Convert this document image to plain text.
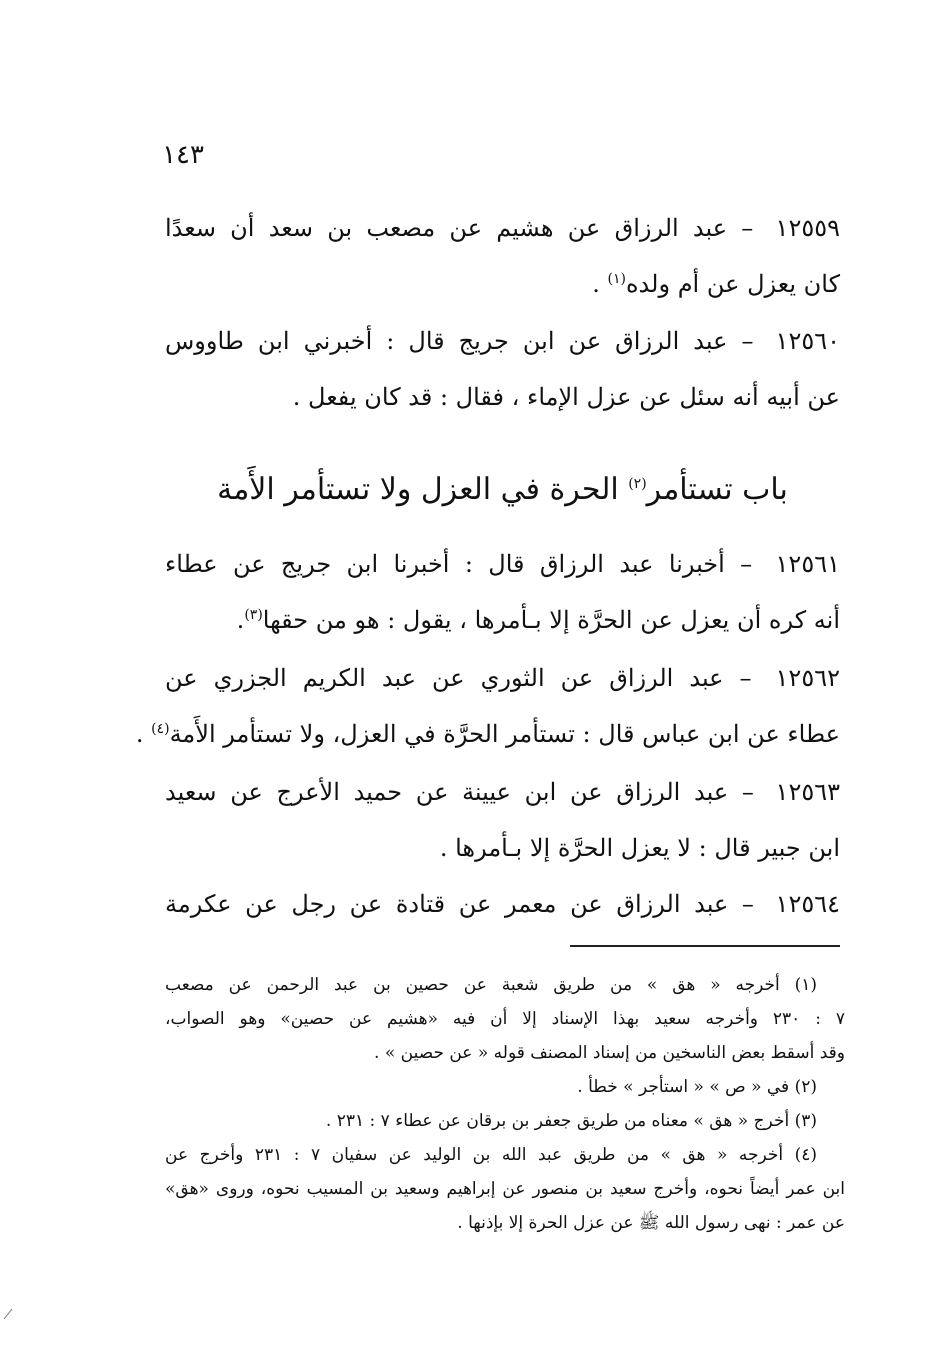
١٤٣
١٢٥٥٩ – عبد الرزاق عن هشيم عن مصعب بن سعد أن سعدًا
كان يعزل عن أم ولده$^{(١)}$ .
١٢٥٦٠ – عبد الرزاق عن ابن جريج قال : أخبرني ابن طاووس
عن أبيه أنه سئل عن عزل الإماء ، فقال : قد كان يفعل .
باب تستأمر$^{(٢)}$ الحرة في العزل ولا تستأمر الأَمة
١٢٥٦١ – أخبرنا عبد الرزاق قال : أخبرنا ابن جريج عن عطاء
أنه كره أن يعزل عن الحرَّة إلا بـأمرها ، يقول : هو من حقها$^{(٣)}$.
١٢٥٦٢ – عبد الرزاق عن الثوري عن عبد الكريم الجزري عن
عطاء عن ابن عباس قال : تستأمر الحرَّة في العزل، ولا تستأمر الأَمة$^{(٤)}$ .
١٢٥٦٣ – عبد الرزاق عن ابن عيينة عن حميد الأعرج عن سعيد
ابن جبير قال : لا يعزل الحرَّة إلا بـأمرها .
١٢٥٦٤ – عبد الرزاق عن معمر عن قتادة عن رجل عن عكرمة
(١) أخرجه « هق » من طريق شعبة عن حصين بن عبد الرحمن عن مصعب
٧ : ٢٣٠ وأخرجه سعيد بهذا الإسناد إلا أن فيه «هشيم عن حصين» وهو الصواب،
وقد أسقط بعض الناسخين من إسناد المصنف قوله « عن حصين » .
(٢) في « ص » « استأجر » خطأ .
(٣) أخرج « هق » معناه من طريق جعفر بن برقان عن عطاء ٧ : ٢٣١ .
(٤) أخرجه « هق » من طريق عبد الله بن الوليد عن سفيان ٧ : ٢٣١ وأخرج عن
ابن عمر أيضاً نحوه، وأخرج سعيد بن منصور عن إبراهيم وسعيد بن المسيب نحوه، وروى «هق»
عن عمر : نهى رسول الله ﷺ عن عزل الحرة إلا بإذنها .
